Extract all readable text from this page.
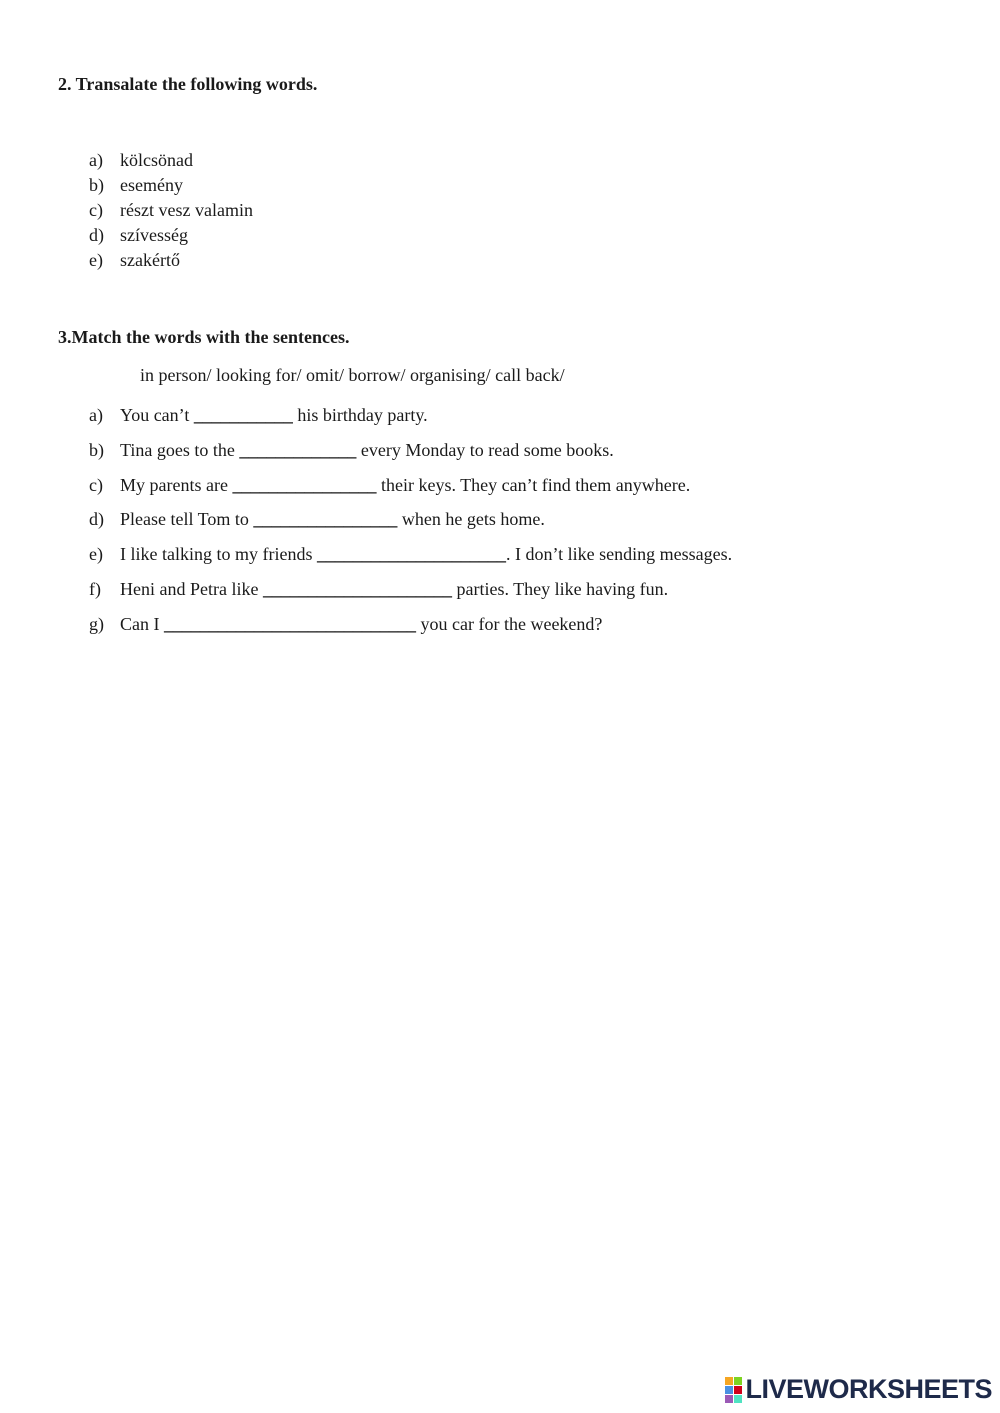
2. Transalate the following words.
a) kölcsönad
b) esemény
c) részt vesz valamin
d) szívesség
e) szakértő
3.Match the words with the sentences.

in person/ looking for/ omit/ borrow/ organising/ call back/

a) You can’t ___________ his birthday party.
b) Tina goes to the _____________ every Monday to read some books.
c) My parents are ________________ their keys. They can’t find them anywhere.
d) Please tell Tom to ________________ when he gets home.
e) I like talking to my friends _____________________. I don’t like sending messages.
f) Heni and Petra like _____________________ parties. They like having fun.
g) Can I ____________________________ you car for the weekend?
LIVEWORKSHEETS
